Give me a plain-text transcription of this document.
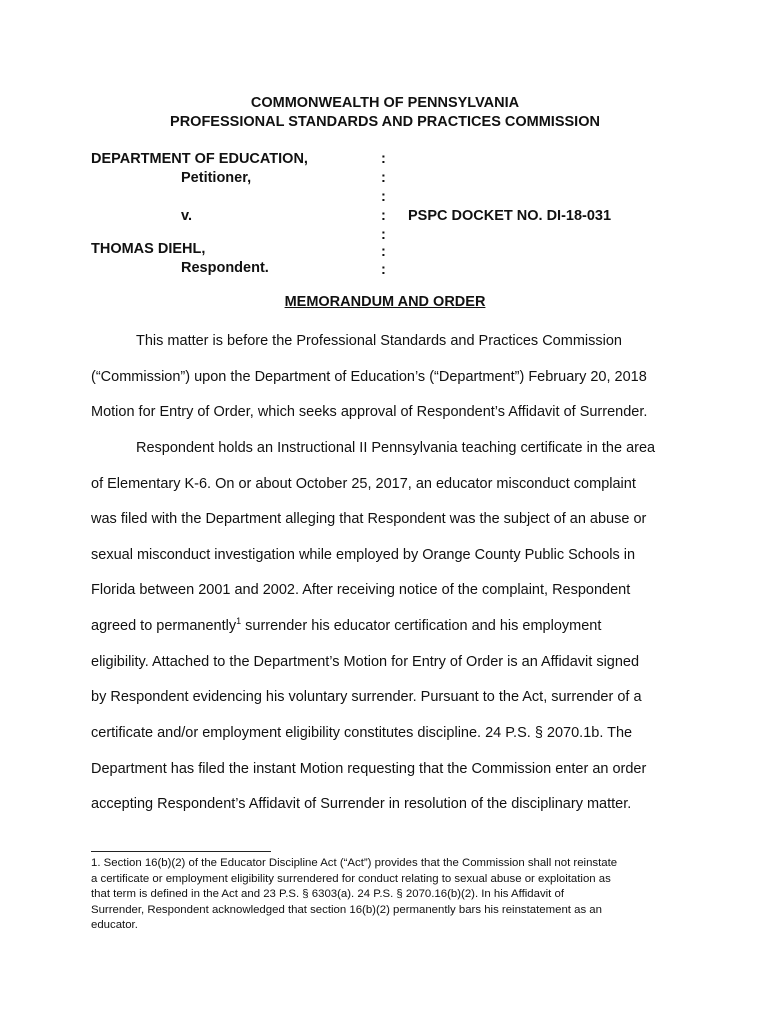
COMMONWEALTH OF PENNSYLVANIA
PROFESSIONAL STANDARDS AND PRACTICES COMMISSION
DEPARTMENT OF EDUCATION,
Petitioner,
v.
THOMAS DIEHL,
Respondent.
:
:
:
:
:
:
:
PSPC DOCKET NO. DI-18-031
MEMORANDUM AND ORDER
This matter is before the Professional Standards and Practices Commission
(“Commission”) upon the Department of Education’s (“Department”) February 20, 2018
Motion for Entry of Order, which seeks approval of Respondent’s Affidavit of Surrender.
Respondent holds an Instructional II Pennsylvania teaching certificate in the area
of Elementary K-6. On or about October 25, 2017, an educator misconduct complaint
was filed with the Department alleging that Respondent was the subject of an abuse or
sexual misconduct investigation while employed by Orange County Public Schools in
Florida between 2001 and 2002. After receiving notice of the complaint, Respondent
agreed to permanently$^1$ surrender his educator certification and his employment
eligibility. Attached to the Department’s Motion for Entry of Order is an Affidavit signed
by Respondent evidencing his voluntary surrender. Pursuant to the Act, surrender of a
certificate and/or employment eligibility constitutes discipline. 24 P.S. § 2070.1b. The
Department has filed the instant Motion requesting that the Commission enter an order
accepting Respondent’s Affidavit of Surrender in resolution of the disciplinary matter.
1. Section 16(b)(2) of the Educator Discipline Act (“Act”) provides that the Commission shall not reinstate
a certificate or employment eligibility surrendered for conduct relating to sexual abuse or exploitation as
that term is defined in the Act and 23 P.S. § 6303(a). 24 P.S. § 2070.16(b)(2). In his Affidavit of
Surrender, Respondent acknowledged that section 16(b)(2) permanently bars his reinstatement as an
educator.
